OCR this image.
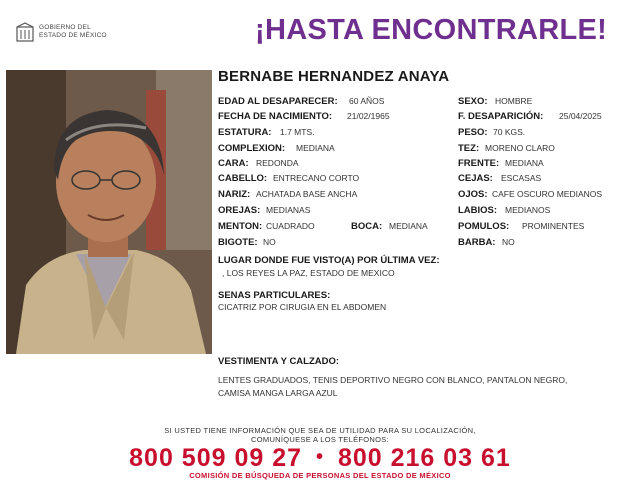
GOBIERNO DEL
ESTADO DE MÉXICO	¡HASTA ENCONTRARLE!
BERNABE HERNANDEZ ANAYA
EDAD AL DESAPARECER: 60 AÑOS
FECHA DE NACIMIENTO: 21/02/1965
ESTATURA: 1.7 MTS.
COMPLEXION: MEDIANA
CARA: REDONDA
CABELLO: ENTRECANO CORTO
NARIZ: ACHATADA BASE ANCHA
OREJAS: MEDIANAS
MENTON: CUADRADO	BOCA: MEDIANA
BIGOTE: NO
SEXO: HOMBRE
F. DESAPARICIÓN: 25/04/2025
PESO: 70 KGS.
TEZ: MORENO CLARO
FRENTE: MEDIANA
CEJAS: ESCASAS
OJOS: CAFE OSCURO MEDIANOS
LABIOS: MEDIANOS
POMULOS: PROMINENTES
BARBA: NO
LUGAR DONDE FUE VISTO(A) POR ÚLTIMA VEZ:
, LOS REYES LA PAZ, ESTADO DE MEXICO
SENAS PARTICULARES:
CICATRIZ POR CIRUGIA EN EL ABDOMEN
VESTIMENTA Y CALZADO:
LENTES GRADUADOS, TENIS DEPORTIVO NEGRO CON BLANCO, PANTALON NEGRO,
CAMISA MANGA LARGA AZUL
SI USTED TIENE INFORMACIÓN QUE SEA DE UTILIDAD PARA SU LOCALIZACIÓN,
COMUNÍQUESE A LOS TELÉFONOS:
800 509 09 27 • 800 216 03 61
COMISIÓN DE BÚSQUEDA DE PERSONAS DEL ESTADO DE MÉXICO
